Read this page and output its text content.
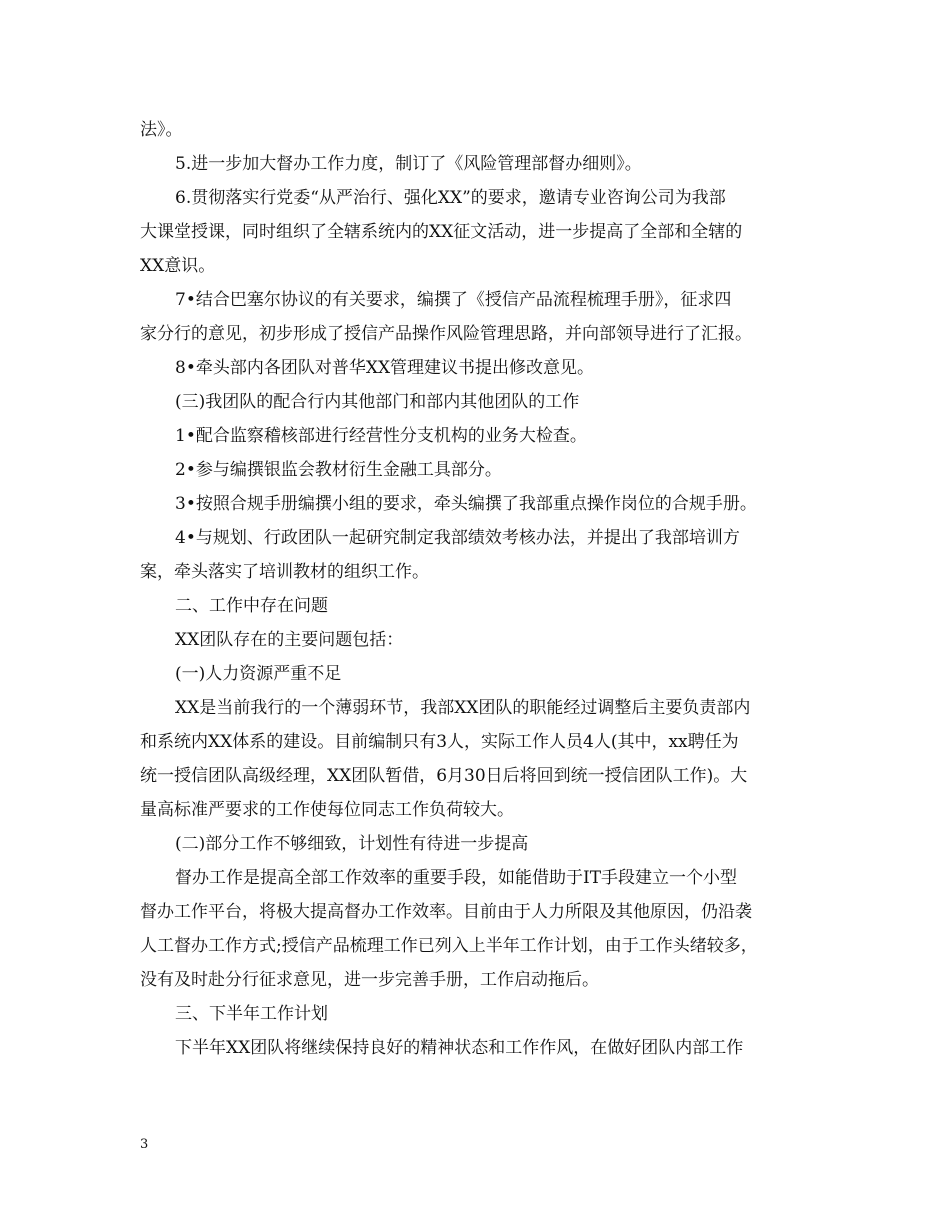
法》。
5.进一步加大督办工作力度，制订了《风险管理部督办细则》。
6.贯彻落实行党委“从严治行、强化XX”的要求，邀请专业咨询公司为我部
大课堂授课，同时组织了全辖系统内的XX征文活动，进一步提高了全部和全辖的
XX意识。
7•结合巴塞尔协议的有关要求，编撰了《授信产品流程梳理手册》，征求四
家分行的意见，初步形成了授信产品操作风险管理思路，并向部领导进行了汇报。
8•牵头部内各团队对普华XX管理建议书提出修改意见。
(三)我团队的配合行内其他部门和部内其他团队的工作
1•配合监察稽核部进行经营性分支机构的业务大检查。
2•参与编撰银监会教材衍生金融工具部分。
3•按照合规手册编撰小组的要求，牵头编撰了我部重点操作岗位的合规手册。
4•与规划、行政团队一起研究制定我部绩效考核办法，并提出了我部培训方
案，牵头落实了培训教材的组织工作。
二、工作中存在问题
XX团队存在的主要问题包括：
(一)人力资源严重不足
XX是当前我行的一个薄弱环节，我部XX团队的职能经过调整后主要负责部内
和系统内XX体系的建设。目前编制只有3人，实际工作人员4人(其中，xx聘任为
统一授信团队高级经理，XX团队暂借，6月30日后将回到统一授信团队工作)。大
量高标准严要求的工作使每位同志工作负荷较大。
(二)部分工作不够细致，计划性有待进一步提高
督办工作是提高全部工作效率的重要手段，如能借助于IT手段建立一个小型
督办工作平台，将极大提高督办工作效率。目前由于人力所限及其他原因，仍沿袭
人工督办工作方式;授信产品梳理工作已列入上半年工作计划，由于工作头绪较多，
没有及时赴分行征求意见，进一步完善手册，工作启动拖后。
三、下半年工作计划
下半年XX团队将继续保持良好的精神状态和工作作风，在做好团队内部工作
3
